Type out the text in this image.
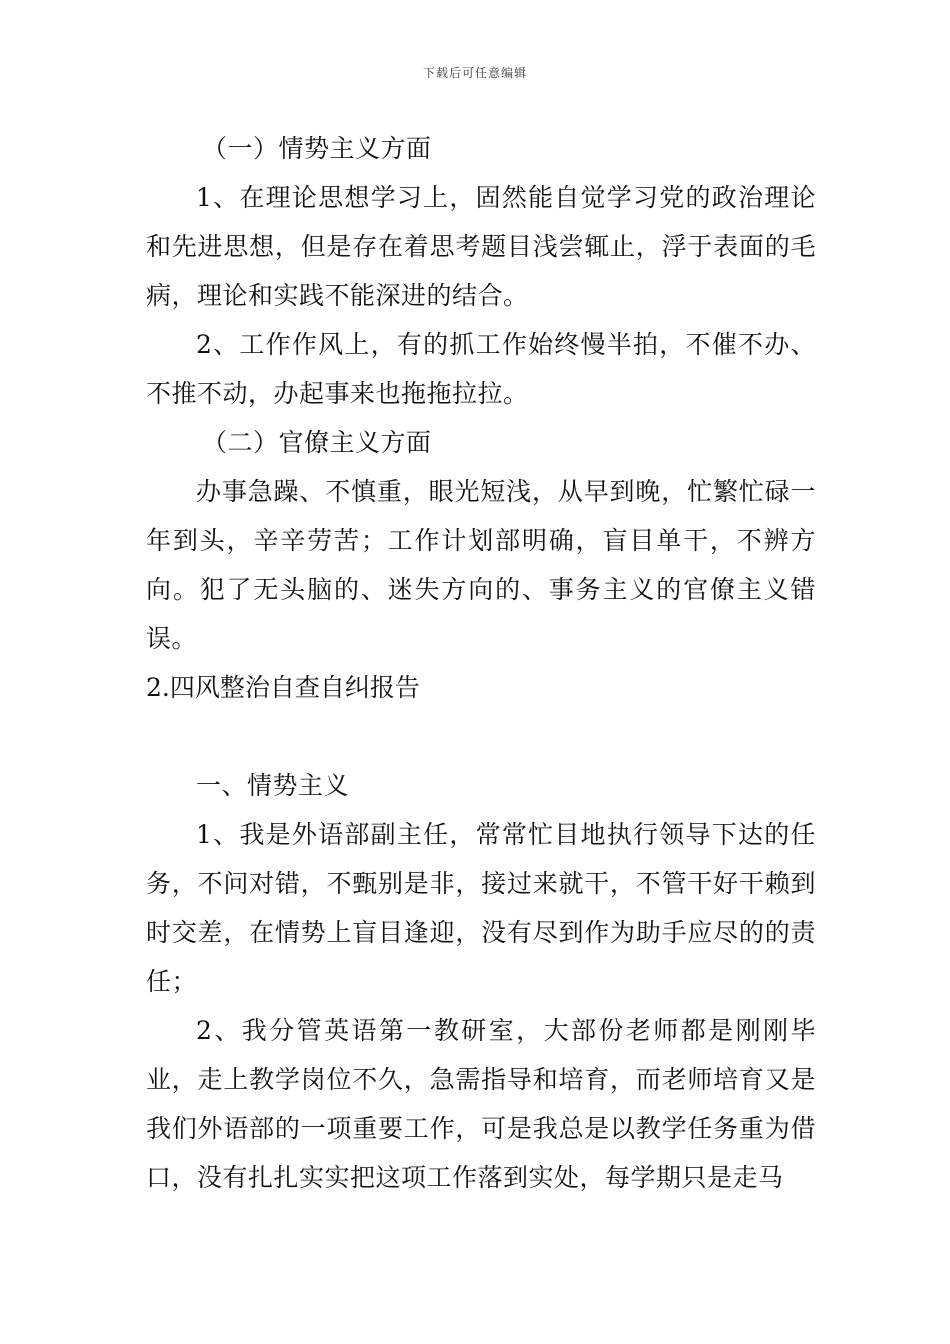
下载后可任意编辑

（一）情势主义方面

1、在理论思想学习上，固然能自觉学习党的政治理论和先进思想，但是存在着思考题目浅尝辄止，浮于表面的毛病，理论和实践不能深进的结合。

2、工作作风上，有的抓工作始终慢半拍，不催不办、不推不动，办起事来也拖拖拉拉。

（二）官僚主义方面

办事急躁、不慎重，眼光短浅，从早到晚，忙繁忙碌一年到头，辛辛劳苦；工作计划部明确，盲目单干，不辨方向。犯了无头脑的、迷失方向的、事务主义的官僚主义错误。

2.四风整治自查自纠报告

一、情势主义

1、我是外语部副主任，常常忙目地执行领导下达的任务，不问对错，不甄别是非，接过来就干，不管干好干赖到时交差，在情势上盲目逢迎，没有尽到作为助手应尽的的责任；

2、我分管英语第一教研室，大部份老师都是刚刚毕业，走上教学岗位不久，急需指导和培育，而老师培育又是我们外语部的一项重要工作，可是我总是以教学任务重为借口，没有扎扎实实把这项工作落到实处，每学期只是走马
